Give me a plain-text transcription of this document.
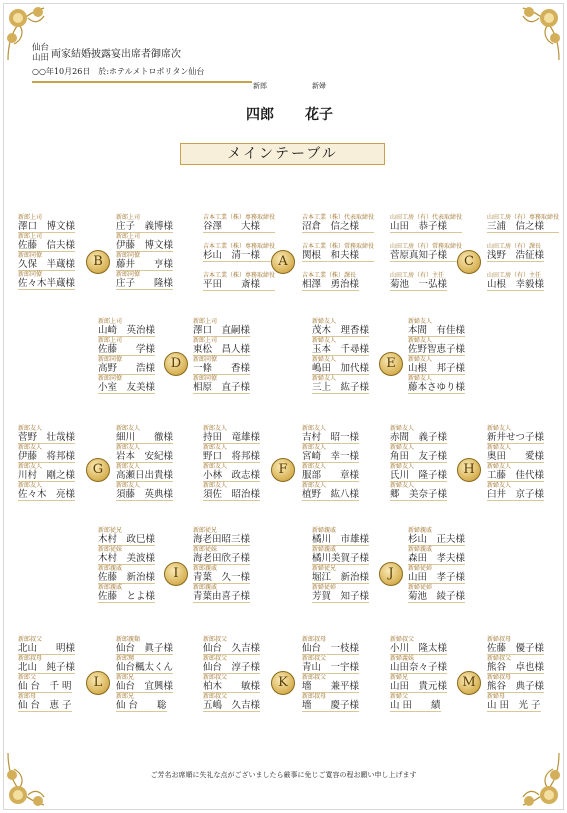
仙台
山田 両家結婚披露宴出席者御席次
○○年10月26日　於:ホテルメトロポリタン仙台
新郎
四郎
新婦
花子
メインテーブル
新郎上司
澤口　博文様
新郎上司
佐藤　信夫様
新郎同僚
久保　半蔵様
新郎同僚
佐々木半蔵様
新郎上司
庄子　義博様
新郎上司
伊藤　博文様
新郎同僚
藤井　　亨様
新郎同僚
庄子　　隆様
吉本工業（株）専務取締役
谷澤　　大様
吉本工業（株）専務取締役
杉山　清一様
吉本工業（株）専務取締役
平田　　斎様
吉本工業（株）代表取締役
沼倉　信之様
吉本工業（株）常務取締役
関根　和夫様
吉本工業（株）課長
相澤　勇治様
山田工房（有）代表取締役
山田　恭子様
山田工房（有）常務取締役
菅原真知子様
山田工房（有）主任
菊池　一弘様
山田工房（有）専務取締役
三浦　信之様
山田工房（有）課長
浅野　浩征様
山田工房（有）主任
山根　幸毅様
B	A	C
新郎上司
山崎　英治様
新郎上司
佐藤　　学様
新郎同僚
高野　　浩様
新郎同僚
小室　友美様
新郎上司
澤口　直嗣様
新郎上司
東松　昌人様
新郎同僚
一條　　香様
新郎同僚
相原　直子様
新婦友人
茂木　理香様
新婦友人
玉本　千尋様
新婦友人
嶋田　加代様
新婦友人
三上　紘子様
新婦友人
本間　有佳様
新婦友人
佐野智恵子様
新婦友人
山根　邦子様
新婦友人
藤本さゆり様
D	E
新郎友人
菅野　壮哉様
新郎友人
伊藤　将邦様
新郎友人
川村　剛之様
新郎友人
佐々木　亮様
新郎友人
細川　　徹様
新郎友人
岩本　安紀様
新郎友人
高瀬日出貴様
新郎友人
須藤　英典様
新郎友人
持田　竜雄様
新郎友人
野口　将邦様
新郎友人
小林　政志様
新郎友人
須佐　昭治様
新郎友人
吉村　昭一様
新郎友人
宮崎　幸一様
新郎友人
服部　　章様
新郎友人
植野　紘八様
新婦友人
赤間　義子様
新婦友人
角田　友子様
新婦友人
氏川　隆子様
新婦友人
郷　美奈子様
新婦友人
新井せつ子様
新婦友人
奥田　　愛様
新婦友人
工藤　佳代様
新婦友人
臼井　京子様
G	F	H
新郎従兄
木村　政巳様
新郎従妹
木村　美波様
新郎親戚
佐藤　新治様
新郎親戚
佐藤　とよ様
新郎従兄
海老田昭三様
新郎従妹
海老田欣子様
新郎親戚
青葉　久一様
新郎親戚
青葉由喜子様
新婦親戚
橘川　市雄様
新婦親戚
橘川美賀子様
新婦従兄
堀江　新治様
新婦従姉
芳賀　知子様
新婦親戚
杉山　正夫様
新婦親戚
森田　孝夫様
新婦従姉
山田　孝子様
新婦従姉
菊池　綾子様
I	J
新郎叔父
北山　　明様
新郎叔母
北山　純子様
新郎父
仙 台　千 明
新郎母
仙 台　恵 子
新郎親類
仙台　眞子様
新郎甥
仙台楓太くん
新郎兄
仙台　宜興様
新郎兄
仙 台　　聡
新郎叔父
仙台　久吉様
新郎叔父
仙台　淳子様
新郎叔父
柏木　　敏様
新郎叔父
五嶋　久吉様
新郎叔母
仙台　一枝様
新郎叔父
青山　一宇様
新郎叔父
墻　　兼平様
新郎叔母
墻　　慶子様
新婦叔父
小川　隆太様
新婦義妹
山田奈々子様
新婦兄
山田　貴元様
新婦父
山 田　　績
新婦叔母
佐藤　優子様
新婦叔父
熊谷　卓也様
新婦叔母
熊谷　典子様
新婦母
山 田　光 子
L	K	M
ご芳名お席順に失礼な点がございましたら厳事に免じご寛容の程お願い申し上げます
